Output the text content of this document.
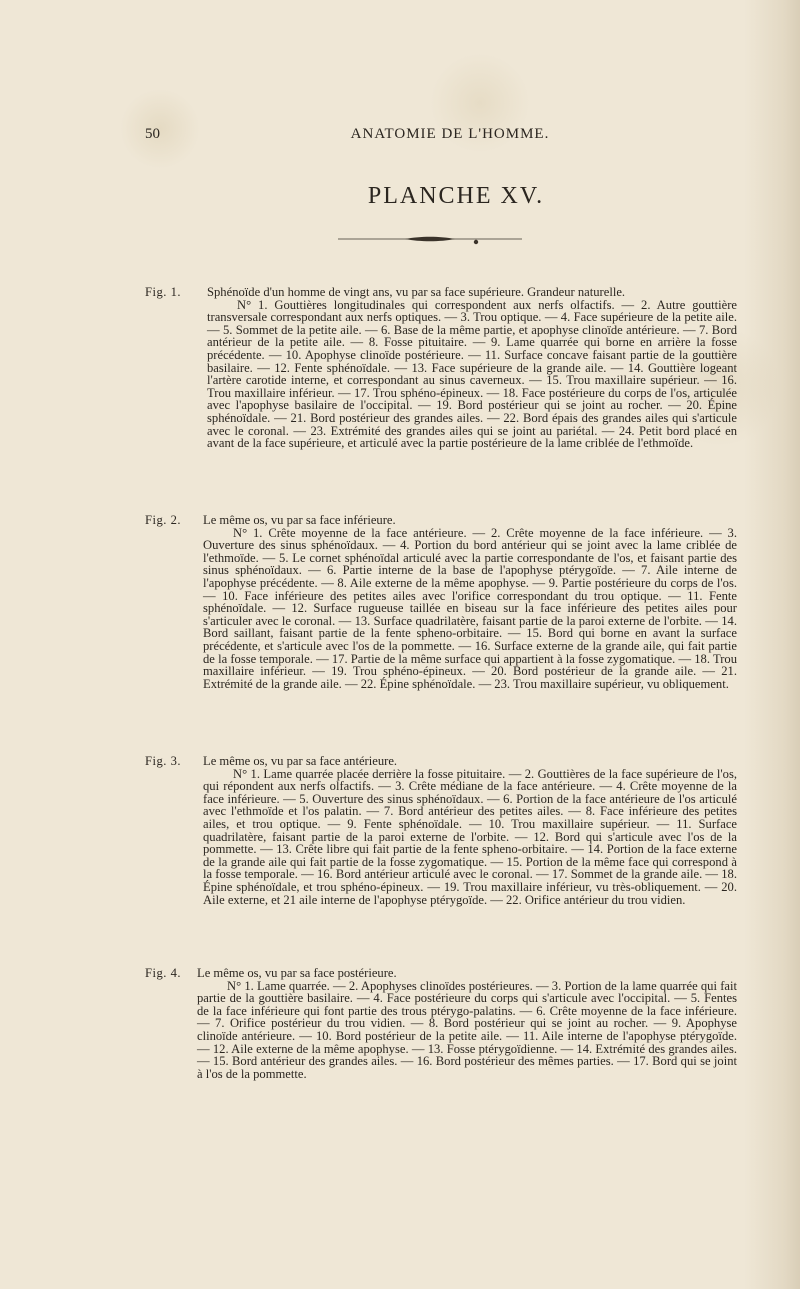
50	ANATOMIE DE L'HOMME.
PLANCHE XV.
Fig. 1. Sphénoïde d'un homme de vingt ans, vu par sa face supérieure. Grandeur naturelle.

N° 1. Gouttières longitudinales qui correspondent aux nerfs olfactifs. — 2. Autre gouttière transversale correspondant aux nerfs optiques. — 3. Trou optique. — 4. Face supérieure de la petite aile. — 5. Sommet de la petite aile. — 6. Base de la même partie, et apophyse clinoïde antérieure. — 7. Bord antérieur de la petite aile. — 8. Fosse pituitaire. — 9. Lame quarrée qui borne en arrière la fosse précédente. — 10. Apophyse clinoïde postérieure. — 11. Surface concave faisant partie de la gouttière basilaire. — 12. Fente sphénoïdale. — 13. Face supérieure de la grande aile. — 14. Gouttière logeant l'artère carotide interne, et correspondant au sinus caverneux. — 15. Trou maxillaire supérieur. — 16. Trou maxillaire inférieur. — 17. Trou sphéno-épineux. — 18. Face postérieure du corps de l'os, articulée avec l'apophyse basilaire de l'occipital. — 19. Bord postérieur qui se joint au rocher. — 20. Épine sphénoïdale. — 21. Bord postérieur des grandes ailes. — 22. Bord épais des grandes ailes qui s'articule avec le coronal. — 23. Extrémité des grandes ailes qui se joint au pariétal. — 24. Petit bord placé en avant de la face supérieure, et articulé avec la partie postérieure de la lame criblée de l'ethmoïde.

Fig. 2. Le même os, vu par sa face inférieure.

N° 1. Crête moyenne de la face antérieure. — 2. Crête moyenne de la face inférieure. — 3. Ouverture des sinus sphénoïdaux. — 4. Portion du bord antérieur qui se joint avec la lame criblée de l'ethmoïde. — 5. Le cornet sphénoïdal articulé avec la partie correspondante de l'os, et faisant partie des sinus sphénoïdaux. — 6. Partie interne de la base de l'apophyse ptérygoïde. — 7. Aile interne de l'apophyse précédente. — 8. Aile externe de la même apophyse. — 9. Partie postérieure du corps de l'os. — 10. Face inférieure des petites ailes avec l'orifice correspondant du trou optique. — 11. Fente sphénoïdale. — 12. Surface rugueuse taillée en biseau sur la face inférieure des petites ailes pour s'articuler avec le coronal. — 13. Surface quadrilatère, faisant partie de la paroi externe de l'orbite. — 14. Bord saillant, faisant partie de la fente spheno-orbitaire. — 15. Bord qui borne en avant la surface précédente, et s'articule avec l'os de la pommette. — 16. Surface externe de la grande aile, qui fait partie de la fosse temporale. — 17. Partie de la même surface qui appartient à la fosse zygomatique. — 18. Trou maxillaire inférieur. — 19. Trou sphéno-épineux. — 20. Bord postérieur de la grande aile. — 21. Extrémité de la grande aile. — 22. Épine sphénoïdale. — 23. Trou maxillaire supérieur, vu obliquement.

Fig. 3. Le même os, vu par sa face antérieure.

N° 1. Lame quarrée placée derrière la fosse pituitaire. — 2. Gouttières de la face supérieure de l'os, qui répondent aux nerfs olfactifs. — 3. Crête médiane de la face antérieure. — 4. Crête moyenne de la face inférieure. — 5. Ouverture des sinus sphénoïdaux. — 6. Portion de la face antérieure de l'os articulé avec l'ethmoïde et l'os palatin. — 7. Bord antérieur des petites ailes. — 8. Face inférieure des petites ailes, et trou optique. — 9. Fente sphénoïdale. — 10. Trou maxillaire supérieur. — 11. Surface quadrilatère, faisant partie de la paroi externe de l'orbite. — 12. Bord qui s'articule avec l'os de la pommette. — 13. Crête libre qui fait partie de la fente spheno-orbitaire. — 14. Portion de la face externe de la grande aile qui fait partie de la fosse zygomatique. — 15. Portion de la même face qui correspond à la fosse temporale. — 16. Bord antérieur articulé avec le coronal. — 17. Sommet de la grande aile. — 18. Épine sphénoïdale, et trou sphéno-épineux. — 19. Trou maxillaire inférieur, vu très-obliquement. — 20. Aile externe, et 21 aile interne de l'apophyse ptérygoïde. — 22. Orifice antérieur du trou vidien.

Fig. 4. Le même os, vu par sa face postérieure.

N° 1. Lame quarrée. — 2. Apophyses clinoïdes postérieures. — 3. Portion de la lame quarrée qui fait partie de la gouttière basilaire. — 4. Face postérieure du corps qui s'articule avec l'occipital. — 5. Fentes de la face inférieure qui font partie des trous ptérygo-palatins. — 6. Crête moyenne de la face inférieure. — 7. Orifice postérieur du trou vidien. — 8. Bord postérieur qui se joint au rocher. — 9. Apophyse clinoïde antérieure. — 10. Bord postérieur de la petite aile. — 11. Aile interne de l'apophyse ptérygoïde. — 12. Aile externe de la même apophyse. — 13. Fosse ptérygoïdienne. — 14. Extrémité des grandes ailes. — 15. Bord antérieur des grandes ailes. — 16. Bord postérieur des mêmes parties. — 17. Bord qui se joint à l'os de la pommette.
